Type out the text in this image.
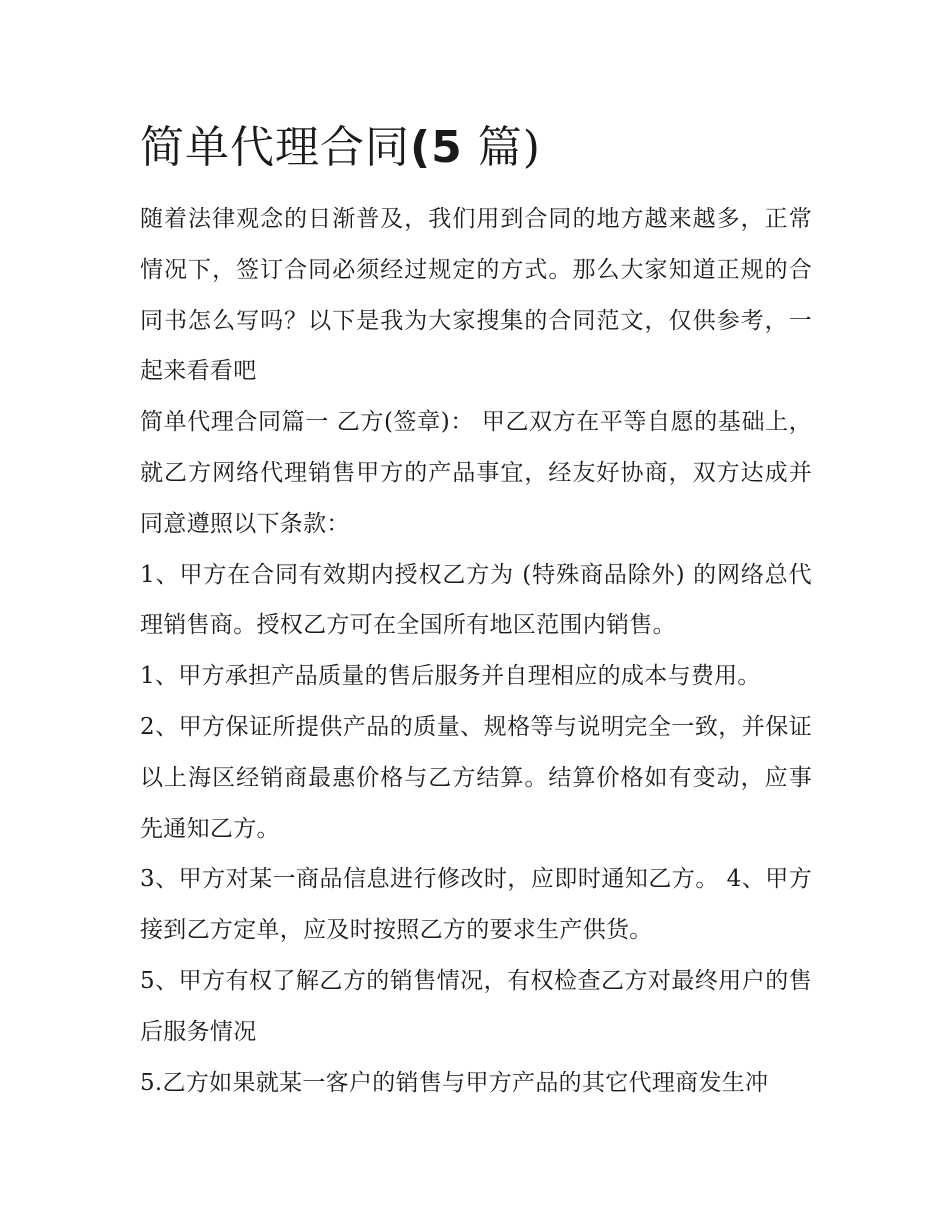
简单代理合同(5 篇)

随着法律观念的日渐普及，我们用到合同的地方越来越多，正常情况下，签订合同必须经过规定的方式。那么大家知道正规的合同书怎么写吗？以下是我为大家搜集的合同范文，仅供参考，一起来看看吧

简单代理合同篇一 乙方(签章)： 甲乙双方在平等自愿的基础上，就乙方网络代理销售甲方的产品事宜，经友好协商，双方达成并同意遵照以下条款：

1、甲方在合同有效期内授权乙方为 (特殊商品除外) 的网络总代理销售商。授权乙方可在全国所有地区范围内销售。

1、甲方承担产品质量的售后服务并自理相应的成本与费用。

2、甲方保证所提供产品的质量、规格等与说明完全一致，并保证以上海区经销商最惠价格与乙方结算。结算价格如有变动，应事先通知乙方。

3、甲方对某一商品信息进行修改时，应即时通知乙方。 4、甲方接到乙方定单，应及时按照乙方的要求生产供货。

5、甲方有权了解乙方的销售情况，有权检查乙方对最终用户的售后服务情况

5.乙方如果就某一客户的销售与甲方产品的其它代理商发生冲
